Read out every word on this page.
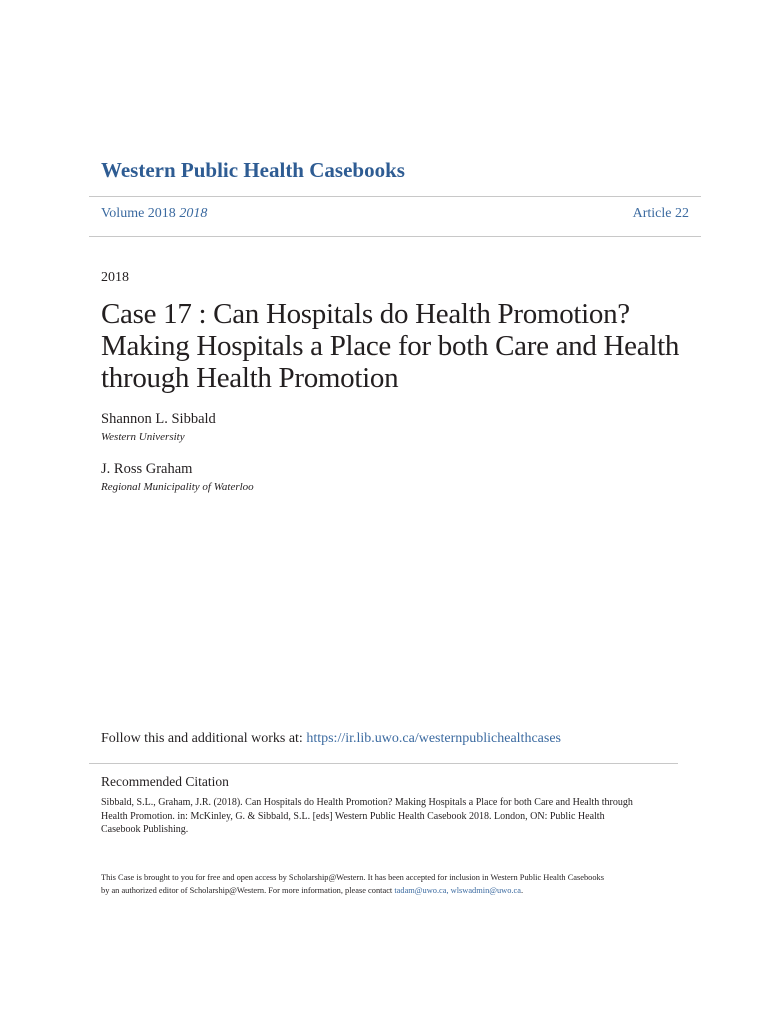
Western Public Health Casebooks
Volume 2018 2018	Article 22
2018
Case 17 : Can Hospitals do Health Promotion?
Making Hospitals a Place for both Care and Health
through Health Promotion
Shannon L. Sibbald
Western University
J. Ross Graham
Regional Municipality of Waterloo
Follow this and additional works at: https://ir.lib.uwo.ca/westernpublichealthcases
Recommended Citation
Sibbald, S.L., Graham, J.R. (2018). Can Hospitals do Health Promotion? Making Hospitals a Place for both Care and Health through
Health Promotion. in: McKinley, G. & Sibbald, S.L. [eds] Western Public Health Casebook 2018. London, ON: Public Health
Casebook Publishing.
This Case is brought to you for free and open access by Scholarship@Western. It has been accepted for inclusion in Western Public Health Casebooks
by an authorized editor of Scholarship@Western. For more information, please contact tadam@uwo.ca, wlswadmin@uwo.ca.
